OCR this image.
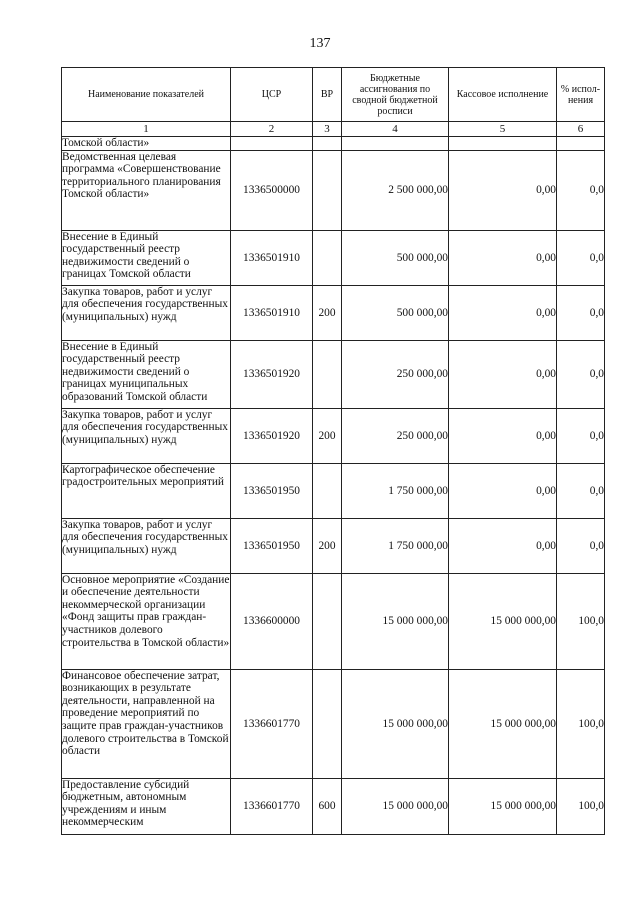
137
Наименование показателей	ЦСР	ВР	Бюджетные ассигнования по сводной бюджетной росписи	Кассовое исполнение	% испол-нения
1	2	3	4	5	6
Томской области»					
Ведомственная целевая программа «Совершенствование территориального планирования Томской области»	1336500000		2 500 000,00	0,00	0,0
Внесение в Единый государственный реестр недвижимости сведений о границах Томской области	1336501910		500 000,00	0,00	0,0
Закупка товаров, работ и услуг для обеспечения государственных (муниципальных) нужд	1336501910	200	500 000,00	0,00	0,0
Внесение в Единый государственный реестр недвижимости сведений о границах муниципальных образований Томской области	1336501920		250 000,00	0,00	0,0
Закупка товаров, работ и услуг для обеспечения государственных (муниципальных) нужд	1336501920	200	250 000,00	0,00	0,0
Картографическое обеспечение градостроительных мероприятий	1336501950		1 750 000,00	0,00	0,0
Закупка товаров, работ и услуг для обеспечения государственных (муниципальных) нужд	1336501950	200	1 750 000,00	0,00	0,0
Основное мероприятие «Создание и обеспечение деятельности некоммерческой организации «Фонд защиты прав граждан-участников долевого строительства в Томской области»	1336600000		15 000 000,00	15 000 000,00	100,0
Финансовое обеспечение затрат, возникающих в результате деятельности, направленной на проведение мероприятий по защите прав граждан-участников долевого строительства в Томской области	1336601770		15 000 000,00	15 000 000,00	100,0
Предоставление субсидий бюджетным, автономным учреждениям и иным некоммерческим	1336601770	600	15 000 000,00	15 000 000,00	100,0
